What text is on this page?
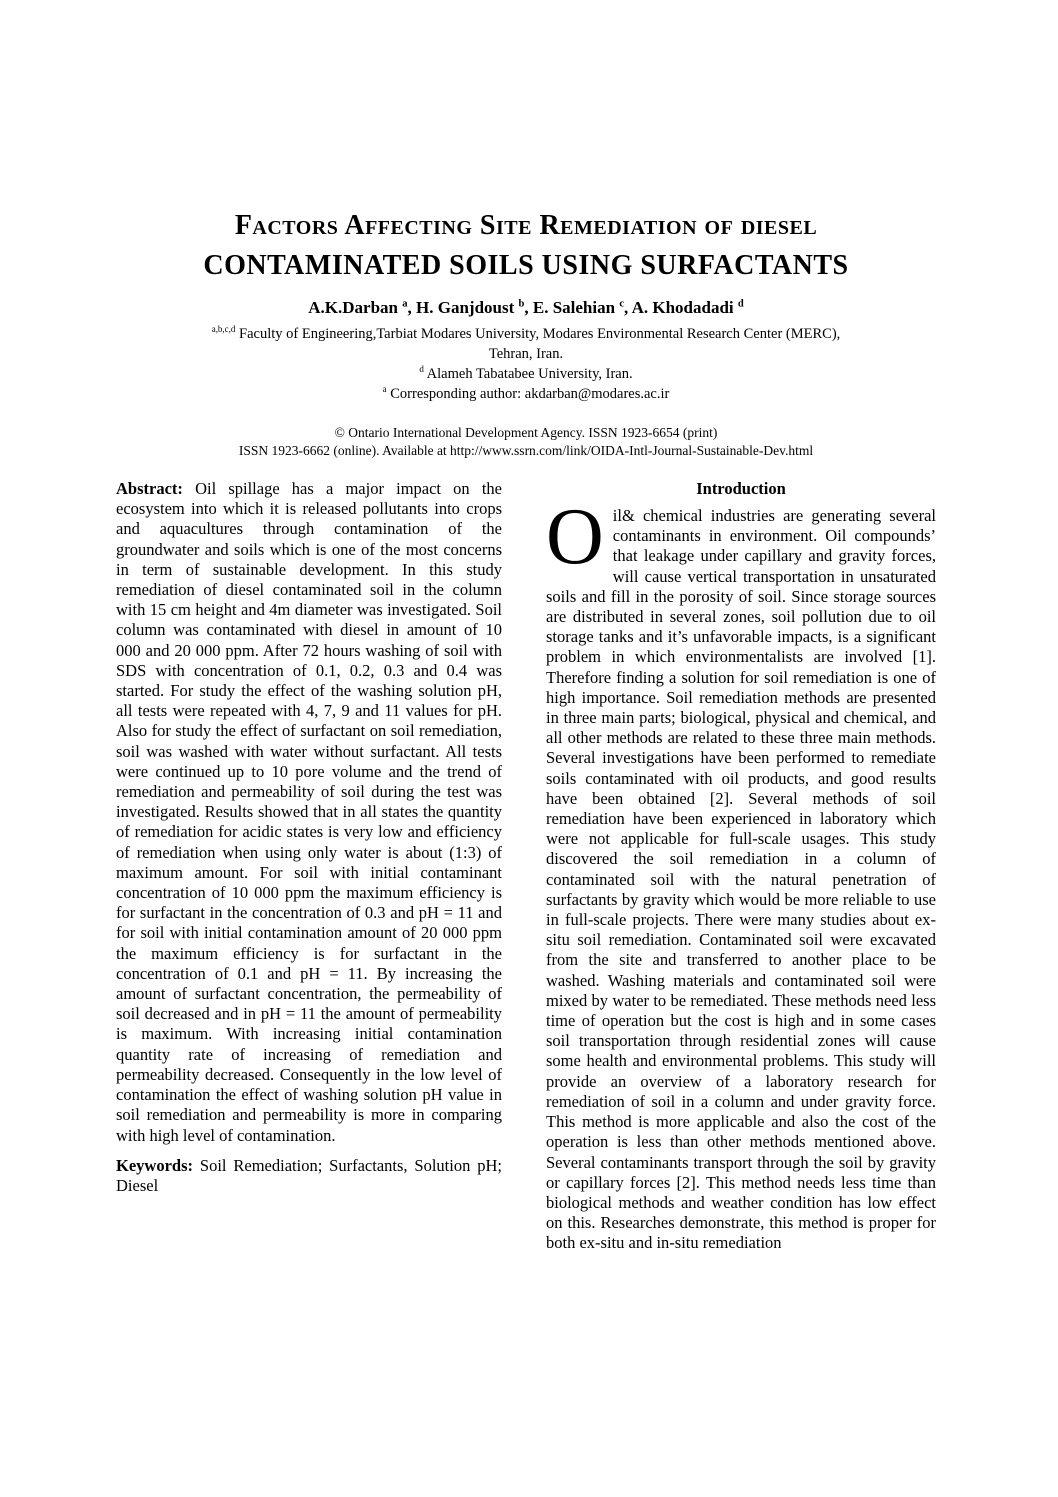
Factors Affecting Site Remediation of diesel
CONTAMINATED SOILS USING SURFACTANTS
A.K.Darban $^a$, H. Ganjdoust $^b$, E. Salehian $^c$, A. Khodadadi $^d$
$^{a,b,c,d}$ Faculty of Engineering,Tarbiat Modares University, Modares Environmental Research Center (MERC),
Tehran, Iran.
$^d$ Alameh Tabatabee University, Iran.
$^a$ Corresponding author: akdarban@modares.ac.ir
© Ontario International Development Agency. ISSN 1923-6654 (print)
ISSN 1923-6662 (online). Available at http://www.ssrn.com/link/OIDA-Intl-Journal-Sustainable-Dev.html

Abstract: Oil spillage has a major impact on the ecosystem into which it is released pollutants into crops and aquacultures through contamination of the groundwater and soils which is one of the most concerns in term of sustainable development. In this study remediation of diesel contaminated soil in the column with 15 cm height and 4m diameter was investigated. Soil column was contaminated with diesel in amount of 10 000 and 20 000 ppm. After 72 hours washing of soil with SDS with concentration of 0.1, 0.2, 0.3 and 0.4 was started. For study the effect of the washing solution pH, all tests were repeated with 4, 7, 9 and 11 values for pH. Also for study the effect of surfactant on soil remediation, soil was washed with water without surfactant. All tests were continued up to 10 pore volume and the trend of remediation and permeability of soil during the test was investigated. Results showed that in all states the quantity of remediation for acidic states is very low and efficiency of remediation when using only water is about (1:3) of maximum amount. For soil with initial contaminant concentration of 10 000 ppm the maximum efficiency is for surfactant in the concentration of 0.3 and pH = 11 and for soil with initial contamination amount of 20 000 ppm the maximum efficiency is for surfactant in the concentration of 0.1 and pH = 11. By increasing the amount of surfactant concentration, the permeability of soil decreased and in pH = 11 the amount of permeability is maximum. With increasing initial contamination quantity rate of increasing of remediation and permeability decreased. Consequently in the low level of contamination the effect of washing solution pH value in soil remediation and permeability is more in comparing with high level of contamination.

Keywords: Soil Remediation; Surfactants, Solution pH; Diesel

Introduction

Oil& chemical industries are generating several contaminants in environment. Oil compounds’ that leakage under capillary and gravity forces, will cause vertical transportation in unsaturated soils and fill in the porosity of soil. Since storage sources are distributed in several zones, soil pollution due to oil storage tanks and it’s unfavorable impacts, is a significant problem in which environmentalists are involved [1]. Therefore finding a solution for soil remediation is one of high importance. Soil remediation methods are presented in three main parts; biological, physical and chemical, and all other methods are related to these three main methods. Several investigations have been performed to remediate soils contaminated with oil products, and good results have been obtained [2]. Several methods of soil remediation have been experienced in laboratory which were not applicable for full-scale usages. This study discovered the soil remediation in a column of contaminated soil with the natural penetration of surfactants by gravity which would be more reliable to use in full-scale projects. There were many studies about ex-situ soil remediation. Contaminated soil were excavated from the site and transferred to another place to be washed. Washing materials and contaminated soil were mixed by water to be remediated. These methods need less time of operation but the cost is high and in some cases soil transportation through residential zones will cause some health and environmental problems. This study will provide an overview of a laboratory research for remediation of soil in a column and under gravity force. This method is more applicable and also the cost of the operation is less than other methods mentioned above. Several contaminants transport through the soil by gravity or capillary forces [2]. This method needs less time than biological methods and weather condition has low effect on this. Researches demonstrate, this method is proper for both ex-situ and in-situ remediation
